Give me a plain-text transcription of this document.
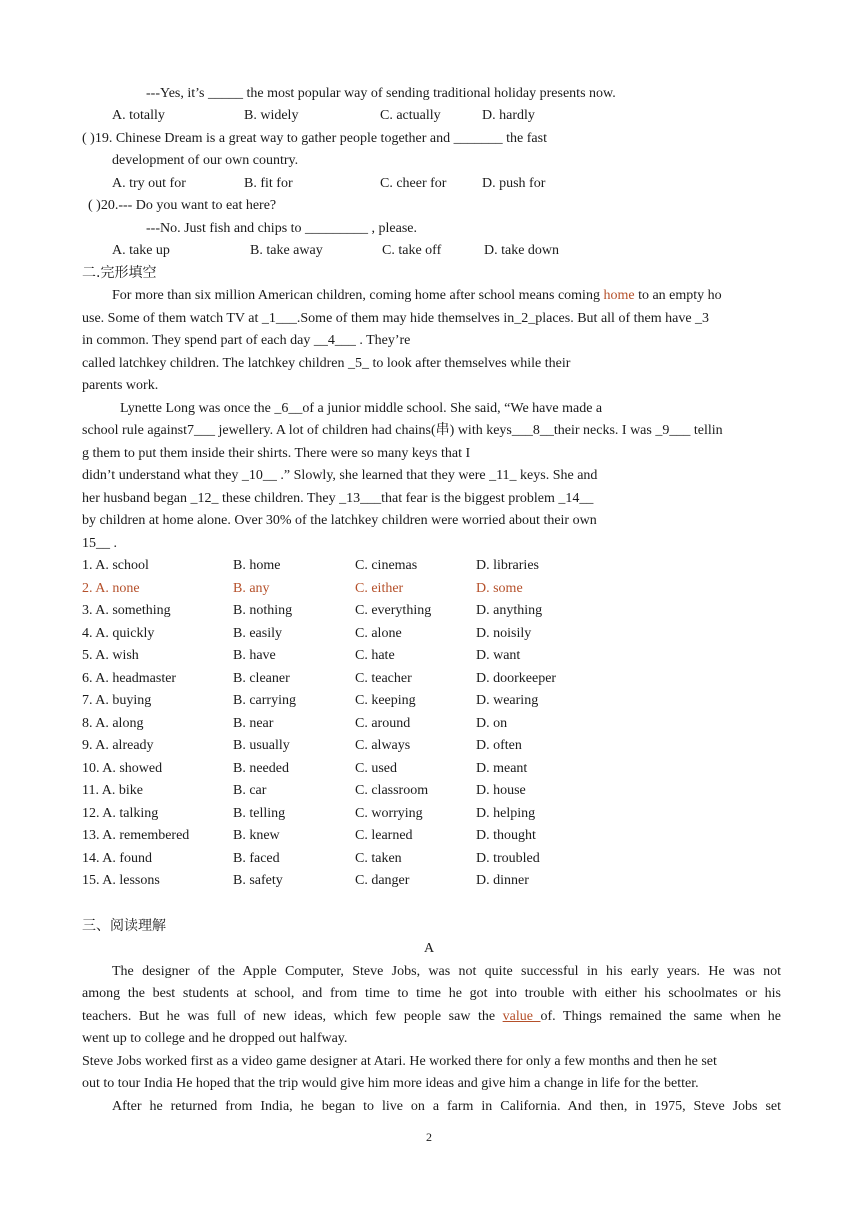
---Yes, it’s _____ the most popular way of sending traditional holiday presents now.
A. totally	B. widely	C. actually	D. hardly
( )19. Chinese Dream is a great way to gather people together and _______ the fast
development of our own country.
A. try out for	B. fit for	C. cheer for	D. push for
( )20.--- Do you want to eat here?
---No. Just fish and chips to _________ , please.
A. take up	B. take away	C. take off	D. take down
二.完形填空
For more than six million American children, coming home after school means coming home to an empty ho
use. Some of them watch TV at _1___.Some of them may hide themselves in_2_places. But all of them have _3
in common. They spend part of each day __4___ . They’re
called latchkey children. The latchkey children _5_ to look after themselves while their
parents work.
Lynette Long was once the _6__of a junior middle school. She said, “We have made a
school rule against7___ jewellery. A lot of children had chains(串) with keys___8__their necks. I was _9___ tellin
g them to put them inside their shirts. There were so many keys that I
didn’t understand what they _10__ .” Slowly, she learned that they were _11_ keys. She and
her husband began _12_ these children. They _13___that fear is the biggest problem _14__
by children at home alone. Over 30% of the latchkey children were worried about their own
15__ .
1. A. school	B. home	C. cinemas	D. libraries
2. A. none	B. any	C. either	D. some
3. A. something	B. nothing	C. everything	D. anything
4. A. quickly	B. easily	C. alone	D. noisily
5. A. wish	B. have	C. hate	D. want
6. A. headmaster	B. cleaner	C. teacher	D. doorkeeper
7. A. buying	B. carrying	C. keeping	D. wearing
8. A. along	B. near	C. around	D. on
9. A. already	B. usually	C. always	D. often
10. A. showed	B. needed	C. used	D. meant
11. A. bike	B. car	C. classroom	D. house
12. A. talking	B. telling	C. worrying	D. helping
13. A. remembered	B. knew	C. learned	D. thought
14. A. found	B. faced	C. taken	D. troubled
15. A. lessons	B. safety	C. danger	D. dinner
三、阅读理解
A
The designer of the Apple Computer, Steve Jobs, was not quite successful in his early years. He was not
among the best students at school, and from time to time he got into trouble with either his schoolmates or his
teachers. But he was full of new ideas, which few people saw the value of. Things remained the same when he
went up to college and he dropped out halfway.
Steve Jobs worked first as a video game designer at Atari. He worked there for only a few months and then he set
out to tour India He hoped that the trip would give him more ideas and give him a change in life for the better.
After he returned from India, he began to live on a farm in California. And then, in 1975, Steve Jobs set
2
